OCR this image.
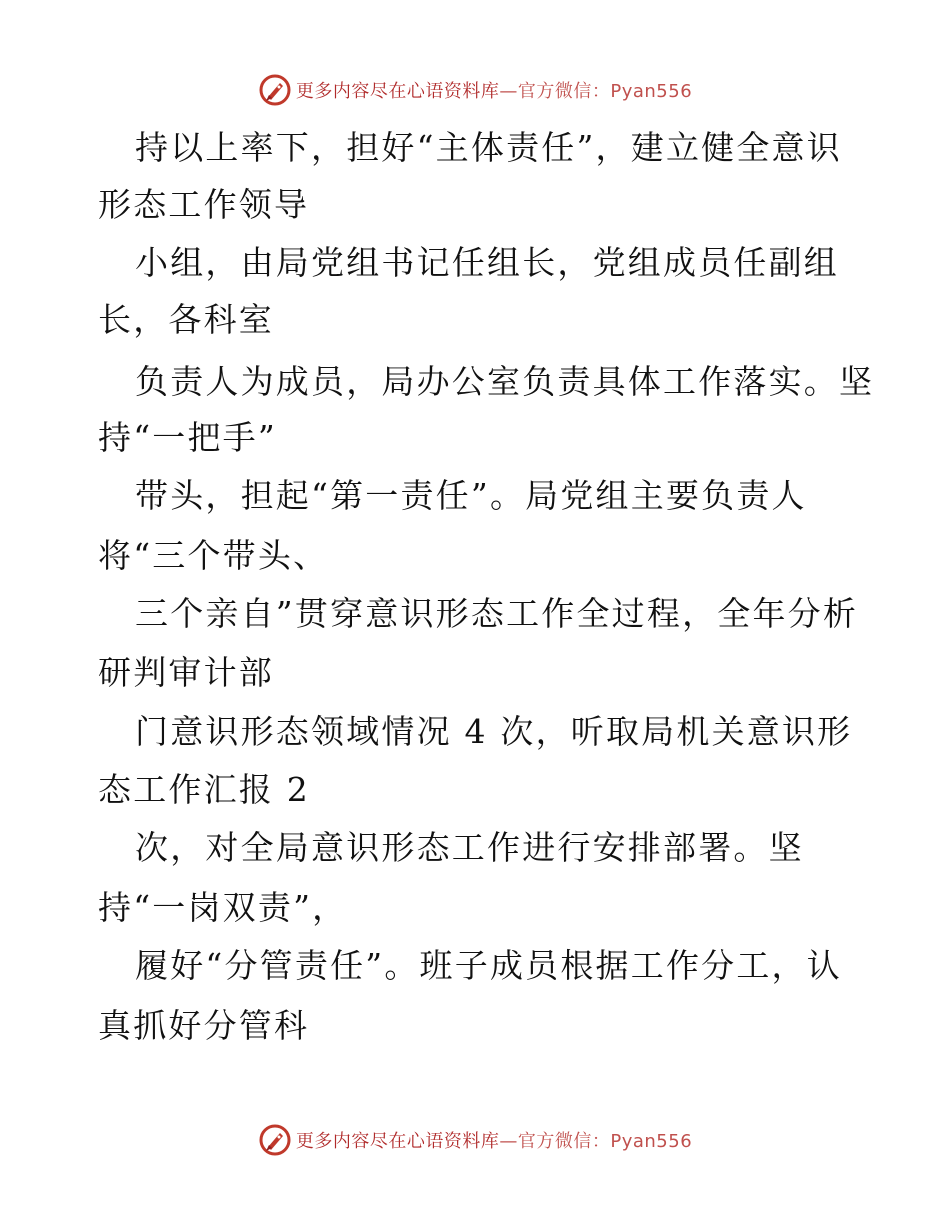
更多内容尽在心语资料库—官方微信：Pyan556
持以上率下，担好“主体责任”，建立健全意识
形态工作领导
小组，由局党组书记任组长，党组成员任副组
长，各科室
负责人为成员，局办公室负责具体工作落实。坚
持“一把手”
带头，担起“第一责任”。局党组主要负责人
将“三个带头、
三个亲自”贯穿意识形态工作全过程，全年分析
研判审计部
门意识形态领域情况 4 次，听取局机关意识形
态工作汇报 2
次，对全局意识形态工作进行安排部署。坚
持“一岗双责”，
履好“分管责任”。班子成员根据工作分工，认
真抓好分管科
更多内容尽在心语资料库—官方微信：Pyan556
